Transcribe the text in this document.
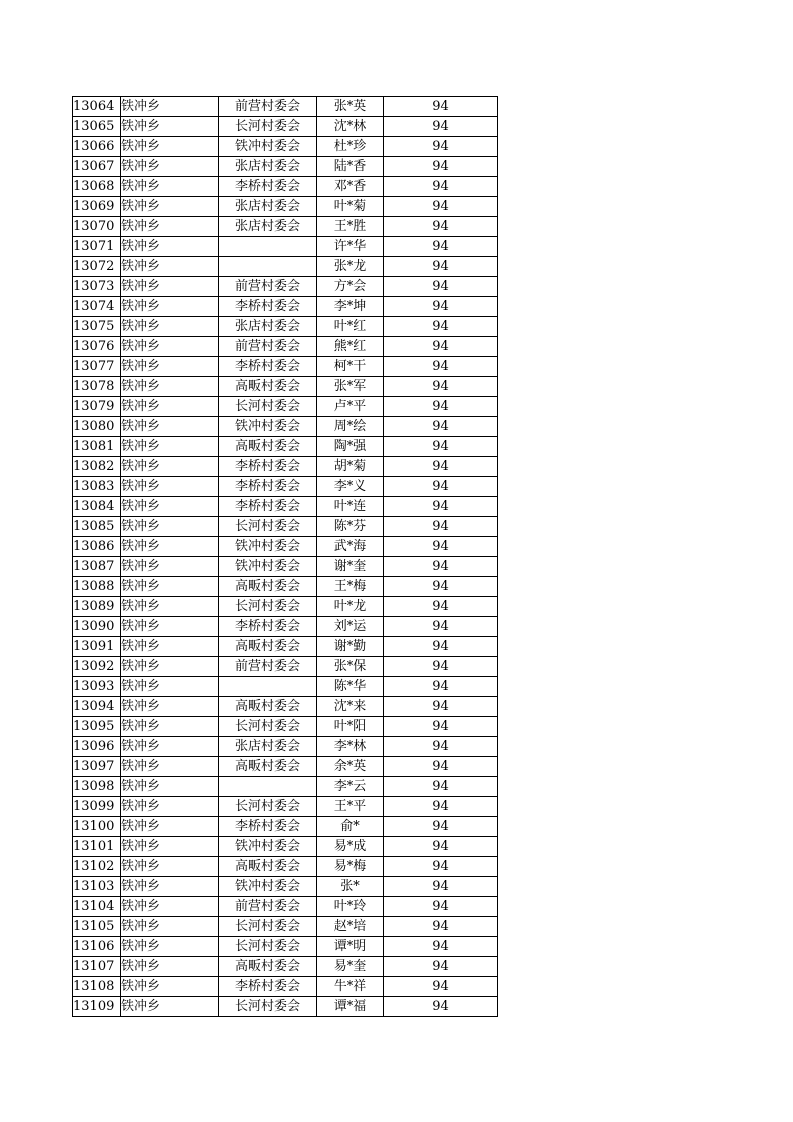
13064	铁冲乡	前营村委会	张*英	94
13065	铁冲乡	长河村委会	沈*林	94
13066	铁冲乡	铁冲村委会	杜*珍	94
13067	铁冲乡	张店村委会	陆*香	94
13068	铁冲乡	李桥村委会	邓*香	94
13069	铁冲乡	张店村委会	叶*菊	94
13070	铁冲乡	张店村委会	王*胜	94
13071	铁冲乡		许*华	94
13072	铁冲乡		张*龙	94
13073	铁冲乡	前营村委会	方*会	94
13074	铁冲乡	李桥村委会	李*坤	94
13075	铁冲乡	张店村委会	叶*红	94
13076	铁冲乡	前营村委会	熊*红	94
13077	铁冲乡	李桥村委会	柯*干	94
13078	铁冲乡	高畈村委会	张*军	94
13079	铁冲乡	长河村委会	卢*平	94
13080	铁冲乡	铁冲村委会	周*绘	94
13081	铁冲乡	高畈村委会	陶*强	94
13082	铁冲乡	李桥村委会	胡*菊	94
13083	铁冲乡	李桥村委会	李*义	94
13084	铁冲乡	李桥村委会	叶*连	94
13085	铁冲乡	长河村委会	陈*芬	94
13086	铁冲乡	铁冲村委会	武*海	94
13087	铁冲乡	铁冲村委会	谢*奎	94
13088	铁冲乡	高畈村委会	王*梅	94
13089	铁冲乡	长河村委会	叶*龙	94
13090	铁冲乡	李桥村委会	刘*运	94
13091	铁冲乡	高畈村委会	谢*勤	94
13092	铁冲乡	前营村委会	张*保	94
13093	铁冲乡		陈*华	94
13094	铁冲乡	高畈村委会	沈*来	94
13095	铁冲乡	长河村委会	叶*阳	94
13096	铁冲乡	张店村委会	李*林	94
13097	铁冲乡	高畈村委会	余*英	94
13098	铁冲乡		李*云	94
13099	铁冲乡	长河村委会	王*平	94
13100	铁冲乡	李桥村委会	俞*	94
13101	铁冲乡	铁冲村委会	易*成	94
13102	铁冲乡	高畈村委会	易*梅	94
13103	铁冲乡	铁冲村委会	张*	94
13104	铁冲乡	前营村委会	叶*玲	94
13105	铁冲乡	长河村委会	赵*培	94
13106	铁冲乡	长河村委会	谭*明	94
13107	铁冲乡	高畈村委会	易*奎	94
13108	铁冲乡	李桥村委会	牛*祥	94
13109	铁冲乡	长河村委会	谭*福	94
